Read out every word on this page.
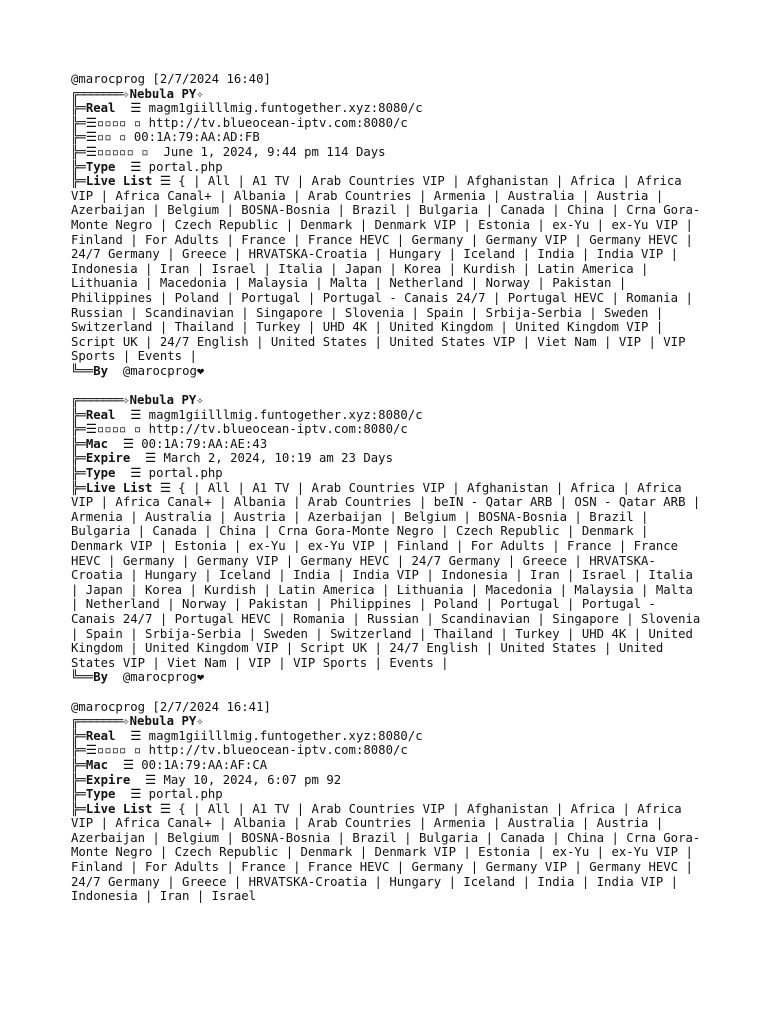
@marocprog [2/7/2024 16:40]
╔═══════✧Nebula PY✧
╠═Real  ☰ magm1giilllmig.funtogether.xyz:8080/c
╠═☰▫▫▫▫ ▫ http://tv.blueocean-iptv.com:8080/c
╠═☰▫▫ ▫ 00:1A:79:AA:AD:FB
╠═☰▫▫▫▫▫ ▫ June 1, 2024, 9:44 pm 114 Days
╠═Type  ☰ portal.php
╠═Live List ☰ { | All | A1 TV | Arab Countries VIP | Afghanistan | Africa | Africa VIP | Africa Canal+ | Albania | Arab Countries | Armenia | Australia | Austria | Azerbaijan | Belgium | BOSNA-Bosnia | Brazil | Bulgaria | Canada | China | Crna Gora-Monte Negro | Czech Republic | Denmark | Denmark VIP | Estonia | ex-Yu | ex-Yu VIP | Finland | For Adults | France | France HEVC | Germany | Germany VIP | Germany HEVC | 24/7 Germany | Greece | HRVATSKA-Croatia | Hungary | Iceland | India | India VIP | Indonesia | Iran | Israel | Italia | Japan | Korea | Kurdish | Latin America | Lithuania | Macedonia | Malaysia | Malta | Netherland | Norway | Pakistan | Philippines | Poland | Portugal | Portugal - Canais 24/7 | Portugal HEVC | Romania | Russian | Scandinavian | Singapore | Slovenia | Spain | Srbija-Serbia | Sweden | Switzerland | Thailand | Turkey | UHD 4K | United Kingdom | United Kingdom VIP | Script UK | 24/7 English | United States | United States VIP | Viet Nam | VIP | VIP Sports | Events |
╚══By  @marocprog❤
╔═══════✧Nebula PY✧
╠═Real  ☰ magm1giilllmig.funtogether.xyz:8080/c
╠═☰▫▫▫▫ ▫ http://tv.blueocean-iptv.com:8080/c
╠═Mac  ☰ 00:1A:79:AA:AE:43
╠═Expire  ☰ March 2, 2024, 10:19 am 23 Days
╠═Type  ☰ portal.php
╠═Live List ☰ { | All | A1 TV | Arab Countries VIP | Afghanistan | Africa | Africa VIP | Africa Canal+ | Albania | Arab Countries | beIN - Qatar ARB | OSN - Qatar ARB | Armenia | Australia | Austria | Azerbaijan | Belgium | BOSNA-Bosnia | Brazil | Bulgaria | Canada | China | Crna Gora-Monte Negro | Czech Republic | Denmark | Denmark VIP | Estonia | ex-Yu | ex-Yu VIP | Finland | For Adults | France | France HEVC | Germany | Germany VIP | Germany HEVC | 24/7 Germany | Greece | HRVATSKA-Croatia | Hungary | Iceland | India | India VIP | Indonesia | Iran | Israel | Italia | Japan | Korea | Kurdish | Latin America | Lithuania | Macedonia | Malaysia | Malta | Netherland | Norway | Pakistan | Philippines | Poland | Portugal | Portugal - Canais 24/7 | Portugal HEVC | Romania | Russian | Scandinavian | Singapore | Slovenia | Spain | Srbija-Serbia | Sweden | Switzerland | Thailand | Turkey | UHD 4K | United Kingdom | United Kingdom VIP | Script UK | 24/7 English | United States | United States VIP | Viet Nam | VIP | VIP Sports | Events |
╚══By  @marocprog❤
@marocprog [2/7/2024 16:41]
╔═══════✧Nebula PY✧
╠═Real  ☰ magm1giilllmig.funtogether.xyz:8080/c
╠═☰▫▫▫▫ ▫ http://tv.blueocean-iptv.com:8080/c
╠═Mac  ☰ 00:1A:79:AA:AF:CA
╠═Expire  ☰ May 10, 2024, 6:07 pm 92
╠═Type  ☰ portal.php
╠═Live List ☰ { | All | A1 TV | Arab Countries VIP | Afghanistan | Africa | Africa VIP | Africa Canal+ | Albania | Arab Countries | Armenia | Australia | Austria | Azerbaijan | Belgium | BOSNA-Bosnia | Brazil | Bulgaria | Canada | China | Crna Gora-Monte Negro | Czech Republic | Denmark | Denmark VIP | Estonia | ex-Yu | ex-Yu VIP | Finland | For Adults | France | France HEVC | Germany | Germany VIP | Germany HEVC | 24/7 Germany | Greece | HRVATSKA-Croatia | Hungary | Iceland | India | India VIP | Indonesia | Iran | Israel
